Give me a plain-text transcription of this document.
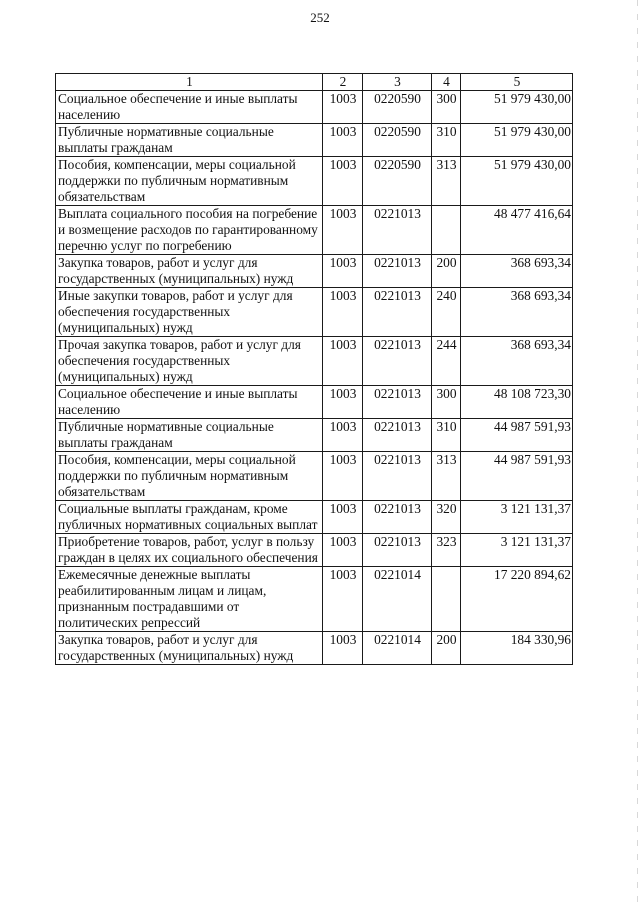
252
1	2	3	4	5
Социальное обеспечение и иные выплаты населению	1003	0220590	300	51 979 430,00
Публичные нормативные социальные выплаты гражданам	1003	0220590	310	51 979 430,00
Пособия, компенсации, меры социальной поддержки по публичным нормативным обязательствам	1003	0220590	313	51 979 430,00
Выплата социального пособия на погребение и возмещение расходов по гарантированному перечню услуг по погребению	1003	0221013		48 477 416,64
Закупка товаров, работ и услуг для государственных (муниципальных) нужд	1003	0221013	200	368 693,34
Иные закупки товаров, работ и услуг для обеспечения государственных (муниципальных) нужд	1003	0221013	240	368 693,34
Прочая закупка товаров, работ и услуг для обеспечения государственных (муниципальных) нужд	1003	0221013	244	368 693,34
Социальное обеспечение и иные выплаты населению	1003	0221013	300	48 108 723,30
Публичные нормативные социальные выплаты гражданам	1003	0221013	310	44 987 591,93
Пособия, компенсации, меры социальной поддержки по публичным нормативным обязательствам	1003	0221013	313	44 987 591,93
Социальные выплаты гражданам, кроме публичных нормативных социальных выплат	1003	0221013	320	3 121 131,37
Приобретение товаров, работ, услуг в пользу граждан в целях их социального обеспечения	1003	0221013	323	3 121 131,37
Ежемесячные денежные выплаты реабилитированным лицам и лицам, признанным пострадавшими от политических репрессий	1003	0221014		17 220 894,62
Закупка товаров, работ и услуг для государственных (муниципальных) нужд	1003	0221014	200	184 330,96
